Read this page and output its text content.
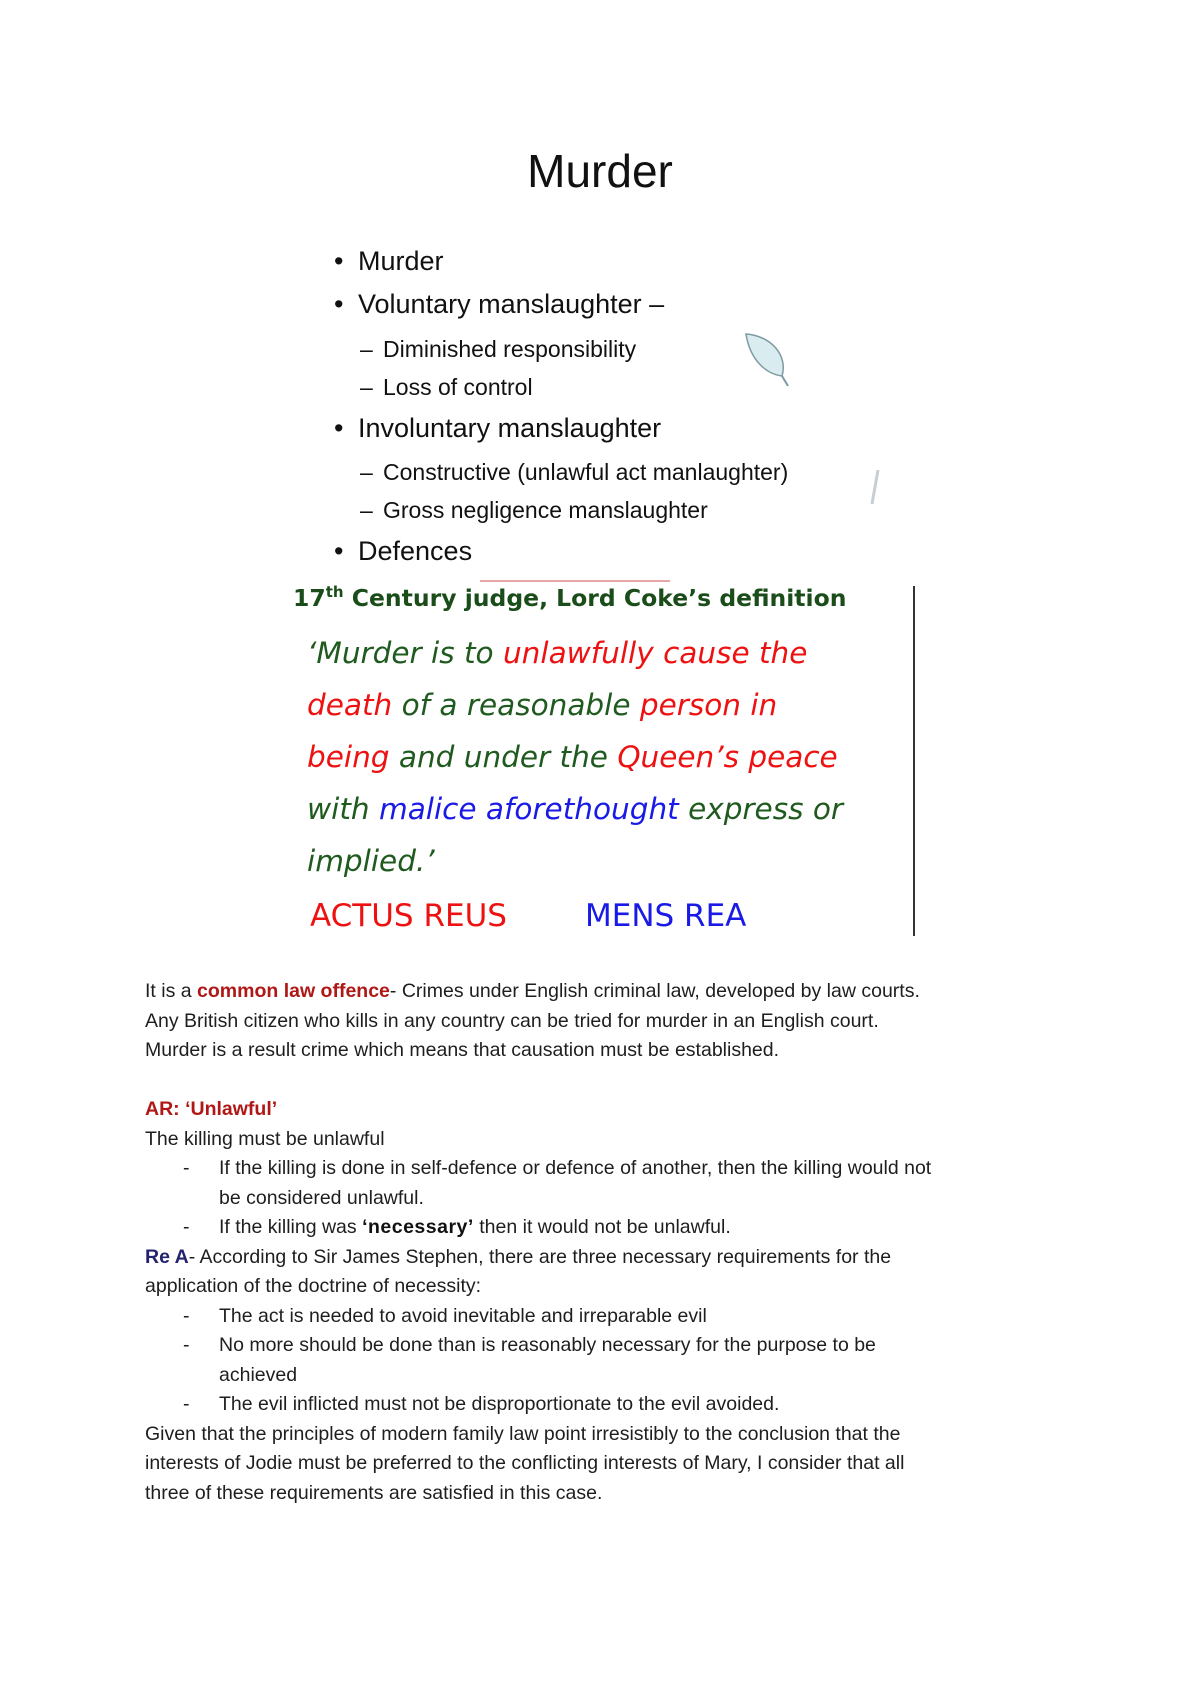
Murder
• Murder
• Voluntary manslaughter –
– Diminished responsibility
– Loss of control
• Involuntary manslaughter
– Constructive (unlawful act manlaughter)
– Gross negligence manslaughter
• Defences
17th Century judge, Lord Coke’s definition
‘Murder is to unlawfully cause the
death of a reasonable person in
being and under the Queen’s peace
with malice aforethought express or
implied.’
ACTUS REUS	MENS REA
It is a common law offence- Crimes under English criminal law, developed by law courts.
Any British citizen who kills in any country can be tried for murder in an English court.
Murder is a result crime which means that causation must be established.
AR: ‘Unlawful’
The killing must be unlawful
- If the killing is done in self-defence or defence of another, then the killing would not
be considered unlawful.
- If the killing was ‘necessary’ then it would not be unlawful.
Re A- According to Sir James Stephen, there are three necessary requirements for the
application of the doctrine of necessity:
- The act is needed to avoid inevitable and irreparable evil
- No more should be done than is reasonably necessary for the purpose to be
achieved
- The evil inflicted must not be disproportionate to the evil avoided.
Given that the principles of modern family law point irresistibly to the conclusion that the
interests of Jodie must be preferred to the conflicting interests of Mary, I consider that all
three of these requirements are satisfied in this case.
